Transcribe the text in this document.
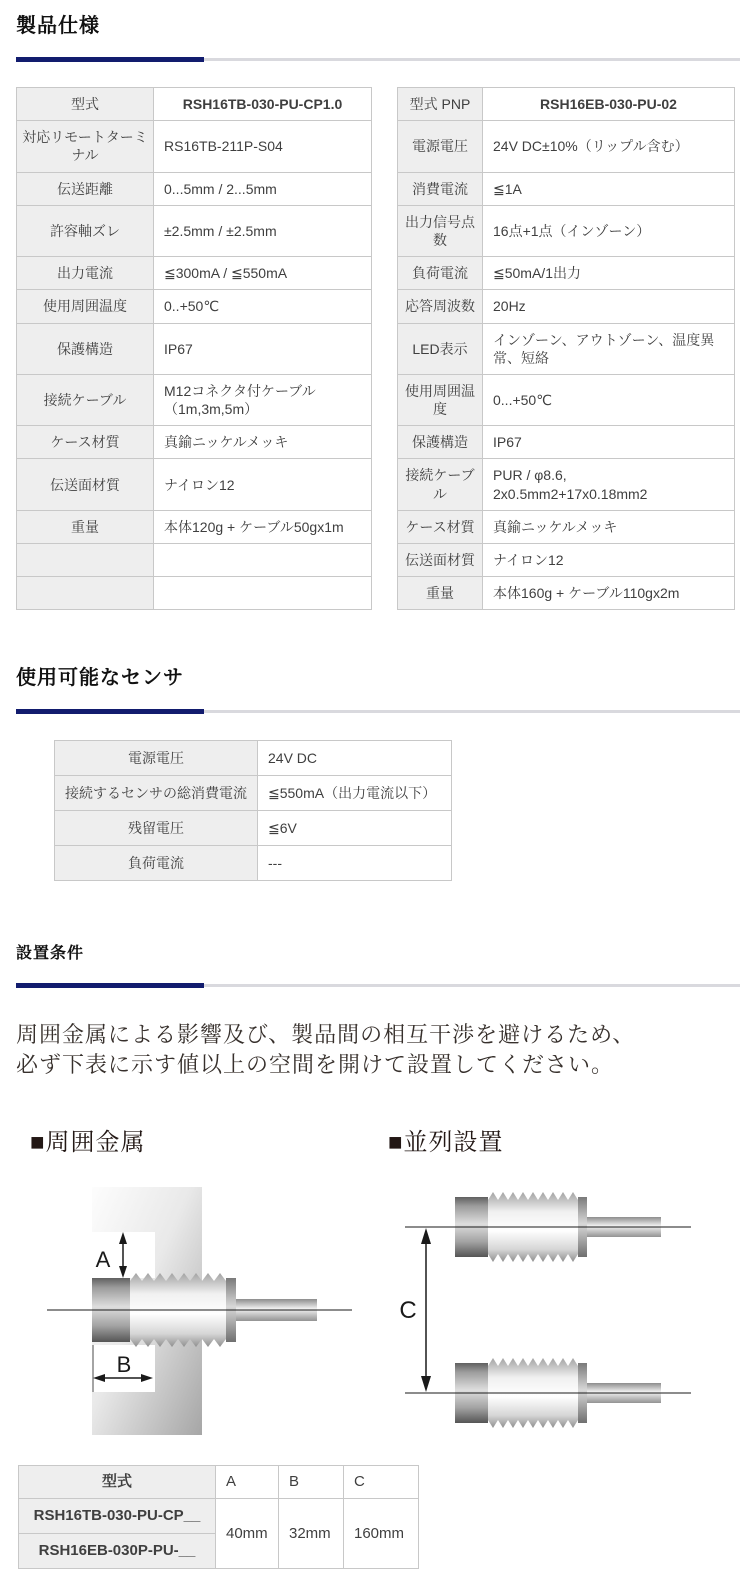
製品仕様
型式	RSH16TB-030-PU-CP1.0		型式 PNP	RSH16EB-030-PU-02
対応リモートターミナル	RS16TB-211P-S04		電源電圧	24V DC±10%（リップル含む）
伝送距離	0...5mm / 2...5mm		消費電流	≦1A
許容軸ズレ	±2.5mm / ±2.5mm		出力信号点数	16点+1点（インゾーン）
出力電流	≦300mA / ≦550mA		負荷電流	≦50mA/1出力
使用周囲温度	0..+50℃		応答周波数	20Hz
保護構造	IP67		LED表示	インゾーン、アウトゾーン、温度異常、短絡
接続ケーブル	M12コネクタ付ケーブル （1m,3m,5m）		使用周囲温度	0...+50℃
ケース材質	真鍮ニッケルメッキ		保護構造	IP67
伝送面材質	ナイロン12		接続ケーブル	PUR / φ8.6, 2x0.5mm2+17x0.18mm2
重量	本体120g + ケーブル50gx1m		ケース材質	真鍮ニッケルメッキ
			伝送面材質	ナイロン12
			重量	本体160g + ケーブル110gx2m
使用可能なセンサ
電源電圧	24V DC
接続するセンサの総消費電流	≦550mA（出力電流以下）
残留電圧	≦6V
負荷電流	---
設置条件

周囲金属による影響及び、製品間の相互干渉を避けるため、
必ず下表に示す値以上の空間を開けて設置してください。

■周囲金属	■並列設置
A
B
C
型式	A	B	C
RSH16TB-030-PU-CP__	40mm	32mm	160mm
RSH16EB-030P-PU-__			
